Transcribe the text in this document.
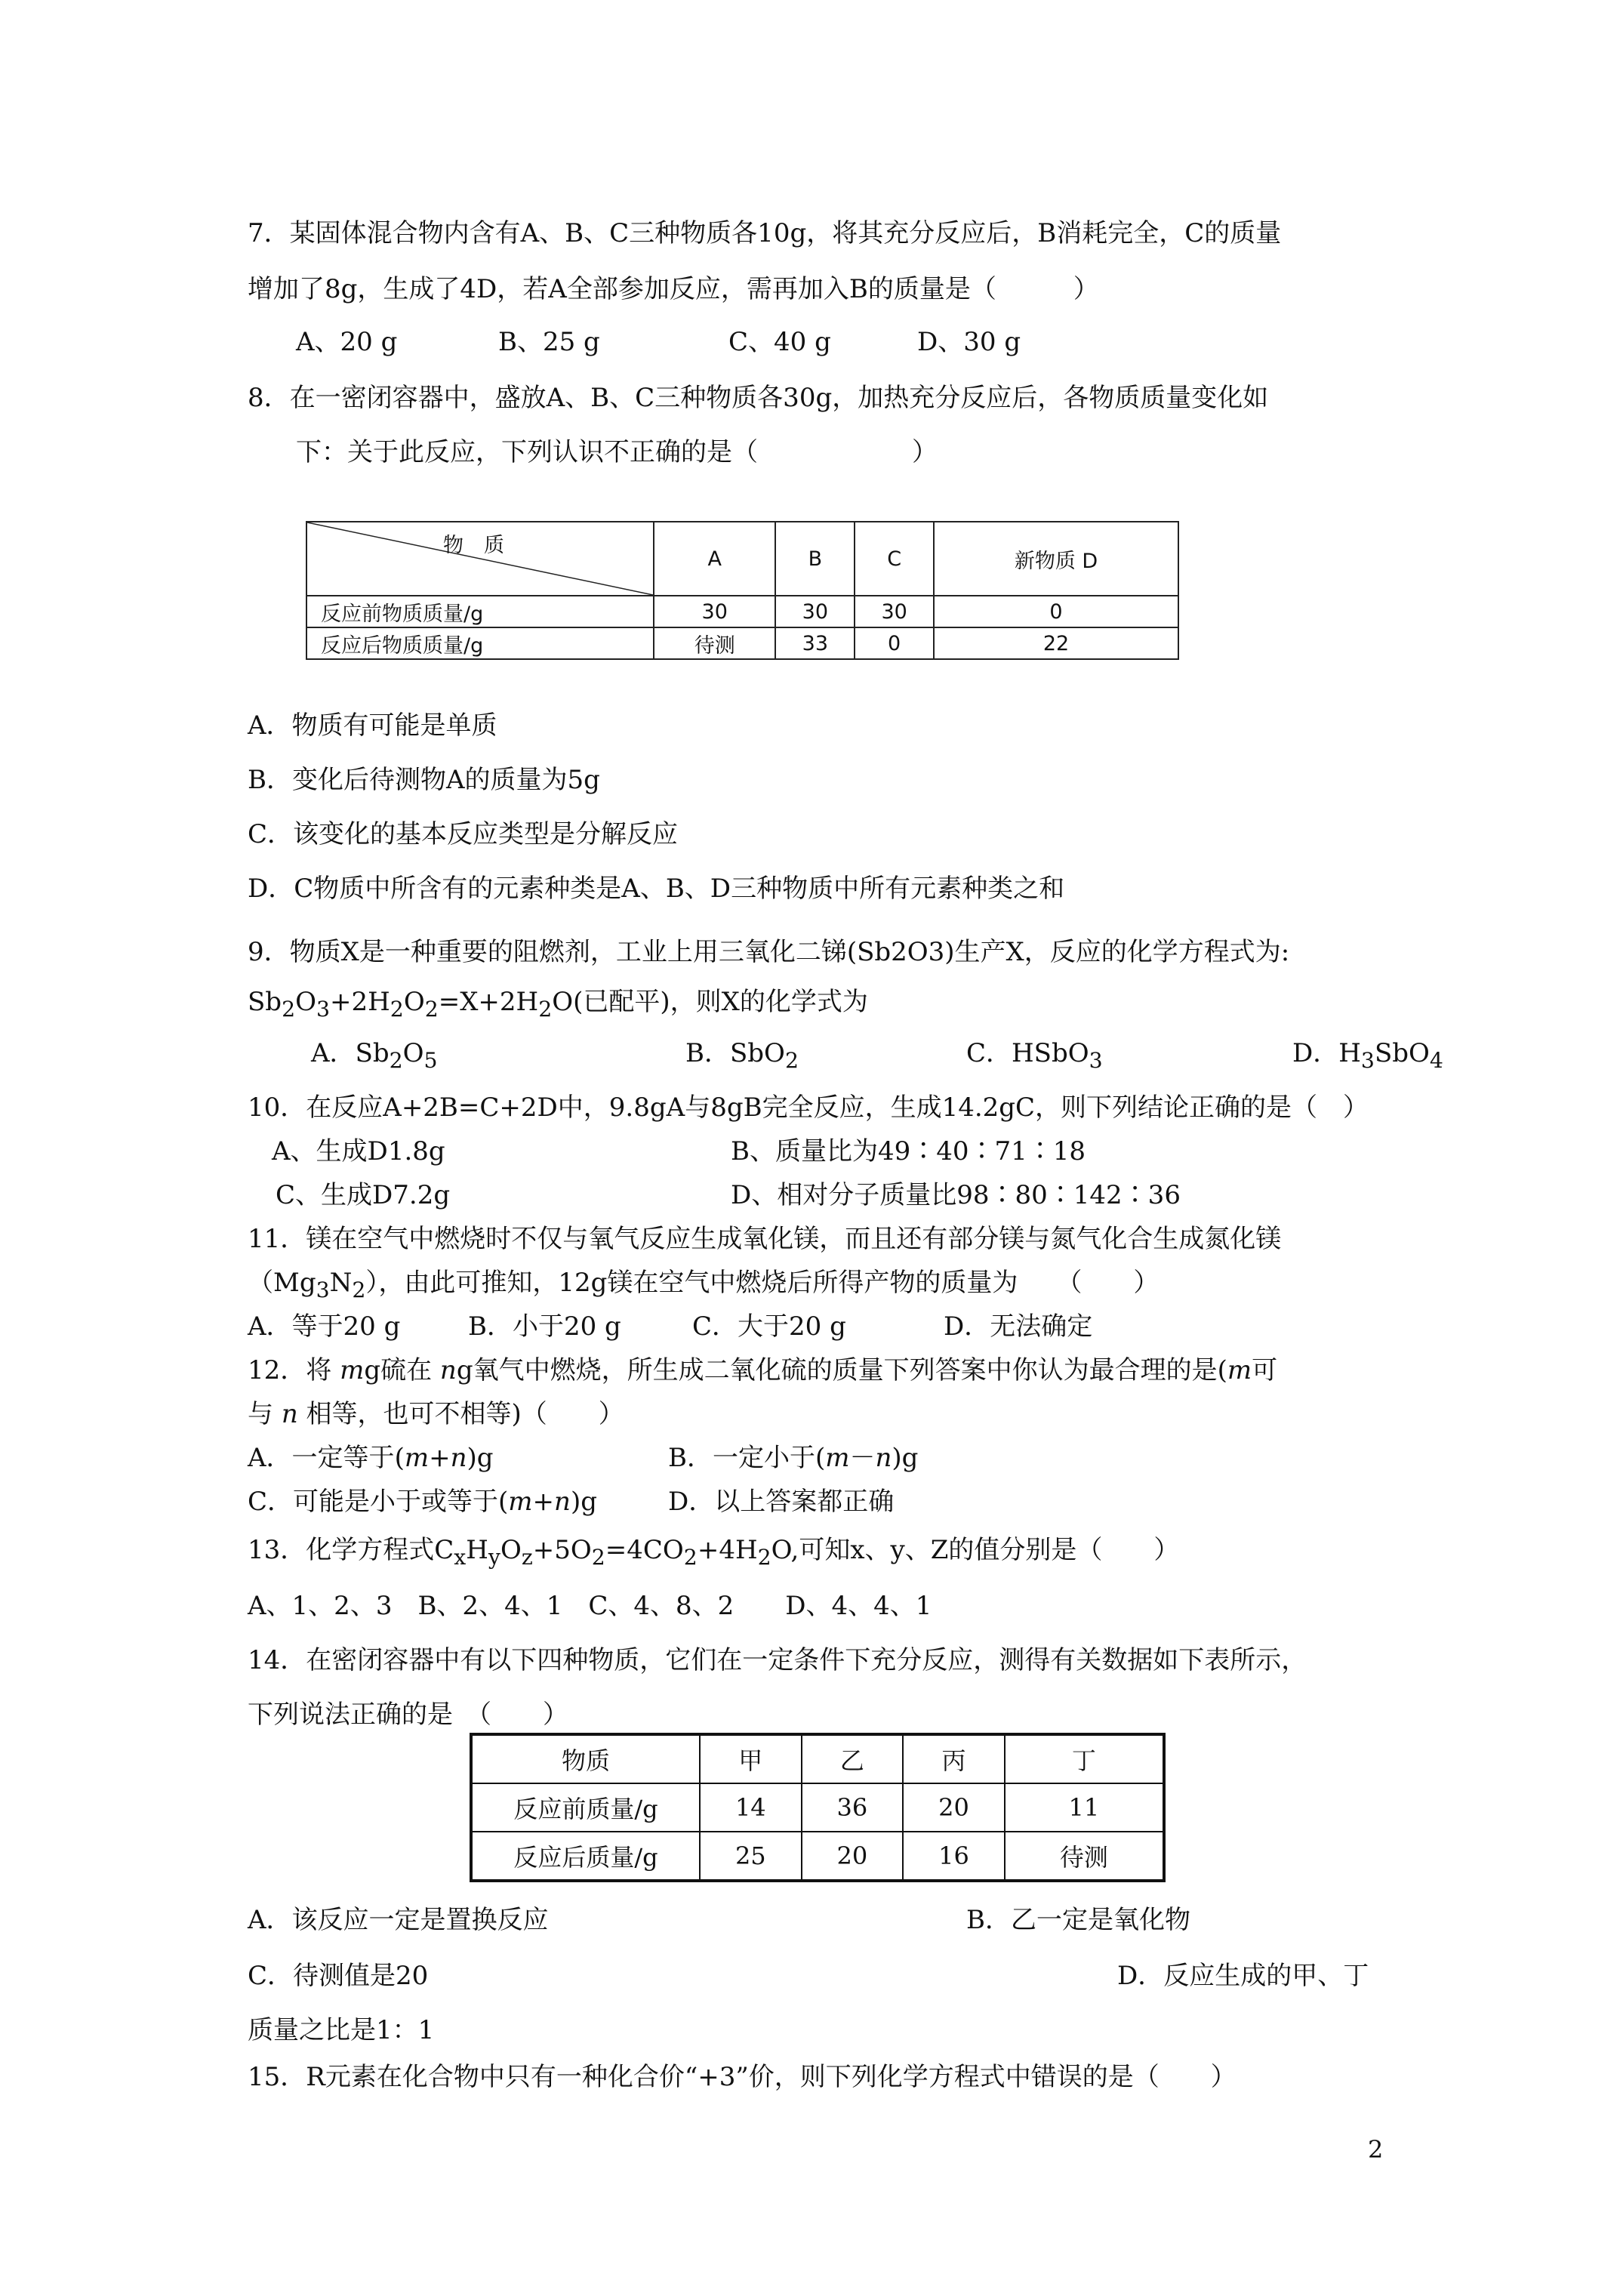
7．某固体混合物内含有A、B、C三种物质各10g，将其充分反应后，B消耗完全，C的质量
增加了8g，生成了4D，若A全部参加反应，需再加入B的质量是（　　　）
A、20 g	B、25 g	C、40 g	D、30 g
8．在一密闭容器中，盛放A、B、C三种物质各30g，加热充分反应后，各物质质量变化如
下：关于此反应，下列认识不正确的是（　　　　　　）
物　质	A	B	C	新物质 D
反应前物质质量/g	30	30	30	0
反应后物质质量/g	待测	33	0	22
A．物质有可能是单质
B．变化后待测物A的质量为5g
C．该变化的基本反应类型是分解反应
D．C物质中所含有的元素种类是A、B、D三种物质中所有元素种类之和
9．物质X是一种重要的阻燃剂，工业上用三氧化二锑(Sb2O3)生产X，反应的化学方程式为:
$Sb_2O_3+2H_2O_2=X+2H_2O$(已配平)，则X的化学式为
A．$Sb_2O_5$	B．SbO$_2$	C．HSbO$_3$	D．$H_3SbO_4$
10．在反应A+2B=C+2D中，9.8gA与8gB完全反应，生成14.2gC，则下列结论正确的是（　）
A、生成D1.8g	B、质量比为49∶40∶71∶18
C、生成D7.2g	D、相对分子质量比98∶80∶142∶36
11．镁在空气中燃烧时不仅与氧气反应生成氧化镁，而且还有部分镁与氮气化合生成氮化镁
$(Mg_3N_2)$，由此可推知，12g镁在空气中燃烧后所得产物的质量为　　（　　）
A．等于20 g	B．小于20 g	C．大于20 g	D．无法确定
12．将 mg硫在 ng氧气中燃烧，所生成二氧化硫的质量下列答案中你认为最合理的是(m可
与 n 相等，也可不相等)（　　）
A．一定等于(m+n)g	B．一定小于(m－n)g
C．可能是小于或等于(m+n)g	D．以上答案都正确
13．化学方程式$C_xH_yO_z+5O_2=4CO_2+4H_2O$,可知x、y、Z的值分别是（　　）
A、1、2、3　B、2、4、1　C、4、8、2　　D、4、4、1
14．在密闭容器中有以下四种物质，它们在一定条件下充分反应，测得有关数据如下表所示，
下列说法正确的是　（　　）
物质	甲	乙	丙	丁
反应前质量/g	14	36	20	11
反应后质量/g	25	20	16	待测
A．该反应一定是置换反应	B．乙一定是氧化物
C．待测值是20	D．反应生成的甲、丁
质量之比是1：1
15．R元素在化合物中只有一种化合价“+3”价，则下列化学方程式中错误的是（　　）
2
